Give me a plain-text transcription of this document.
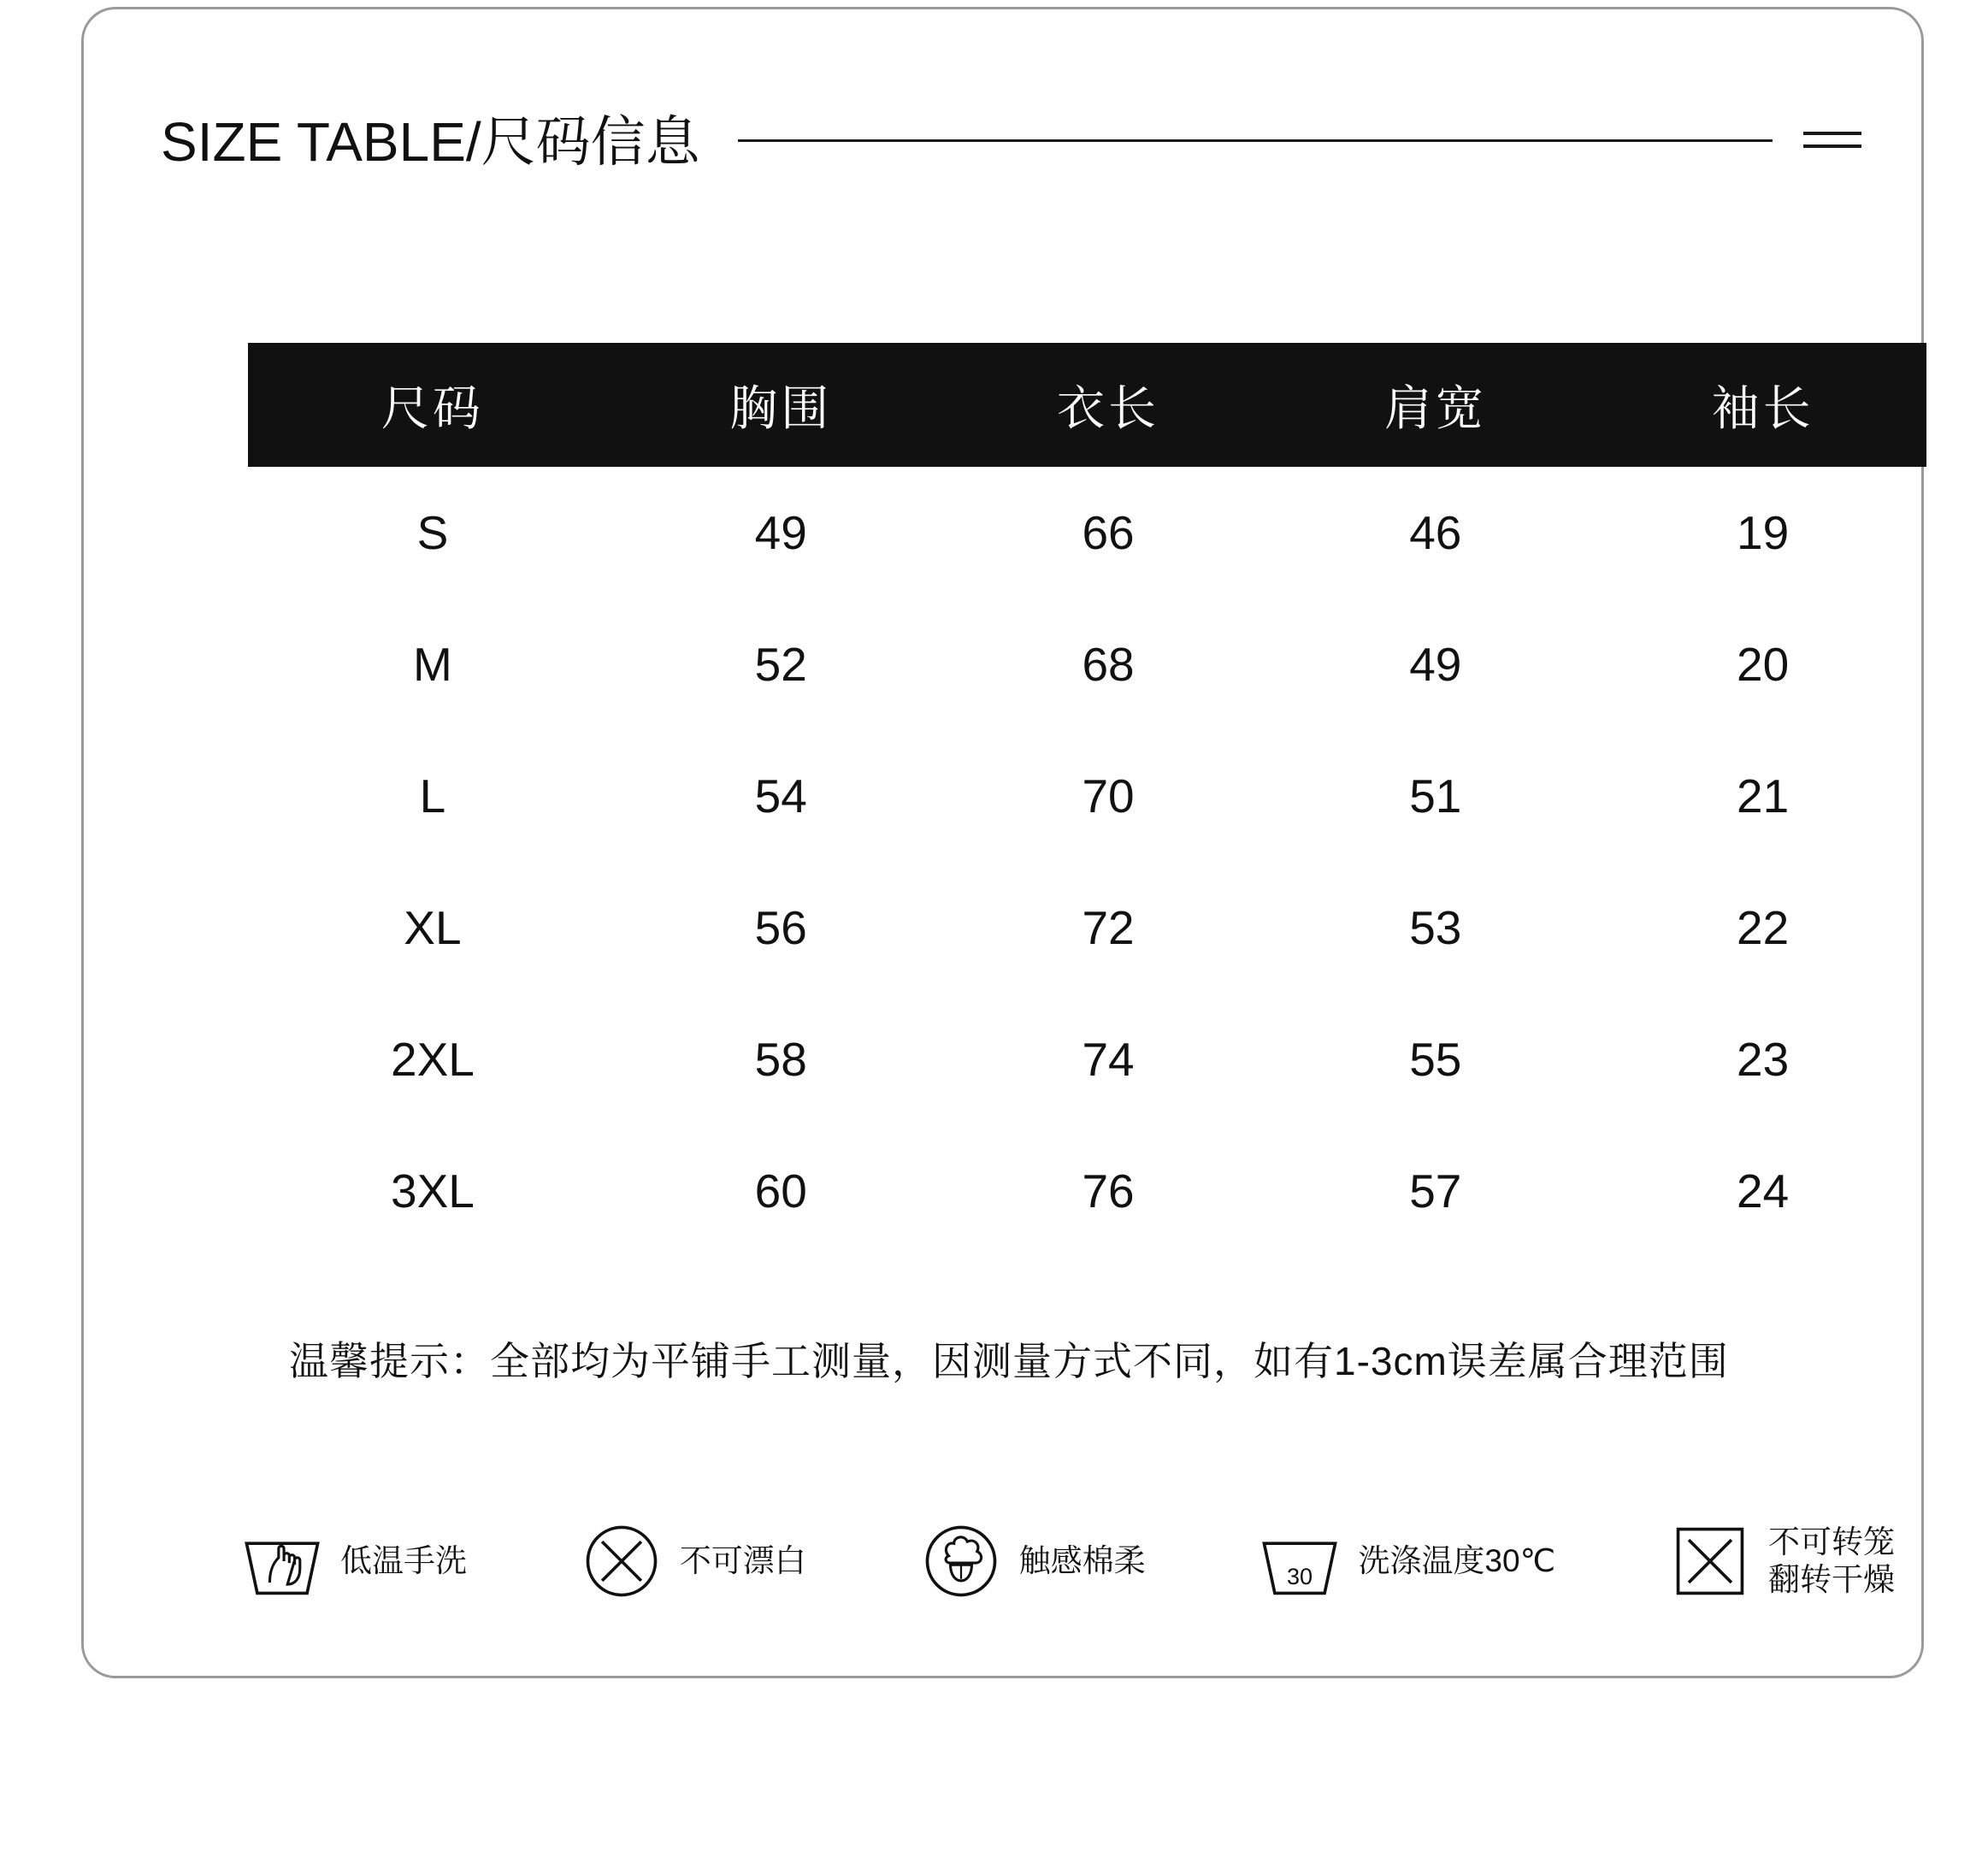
SIZE TABLE/尺码信息
尺码	胸围	衣长	肩宽	袖长
S	49	66	46	19
M	52	68	49	20
L	54	70	51	21
XL	56	72	53	22
2XL	58	74	55	23
3XL	60	76	57	24
温馨提示：全部均为平铺手工测量，因测量方式不同，如有1-3cm误差属合理范围
低温手洗	不可漂白	触感棉柔	30 洗涤温度30℃
不可转笼 翻转干燥
